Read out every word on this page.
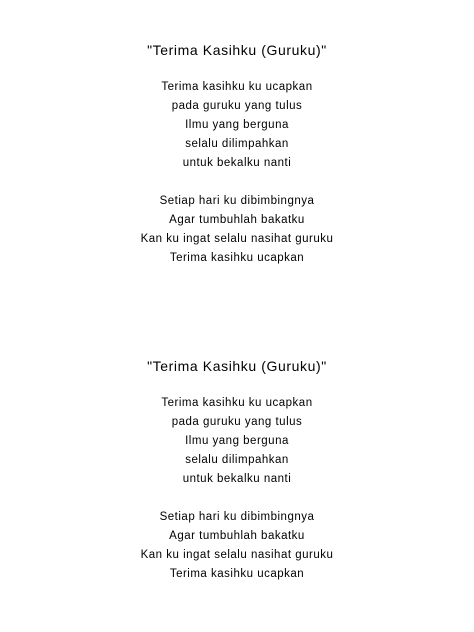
"Terima Kasihku (Guruku)"
Terima kasihku ku ucapkan
pada guruku yang tulus
Ilmu yang berguna
selalu dilimpahkan
untuk bekalku nanti
Setiap hari ku dibimbingnya
Agar tumbuhlah bakatku
Kan ku ingat selalu nasihat guruku
Terima kasihku ucapkan
"Terima Kasihku (Guruku)"
Terima kasihku ku ucapkan
pada guruku yang tulus
Ilmu yang berguna
selalu dilimpahkan
untuk bekalku nanti
Setiap hari ku dibimbingnya
Agar tumbuhlah bakatku
Kan ku ingat selalu nasihat guruku
Terima kasihku ucapkan
